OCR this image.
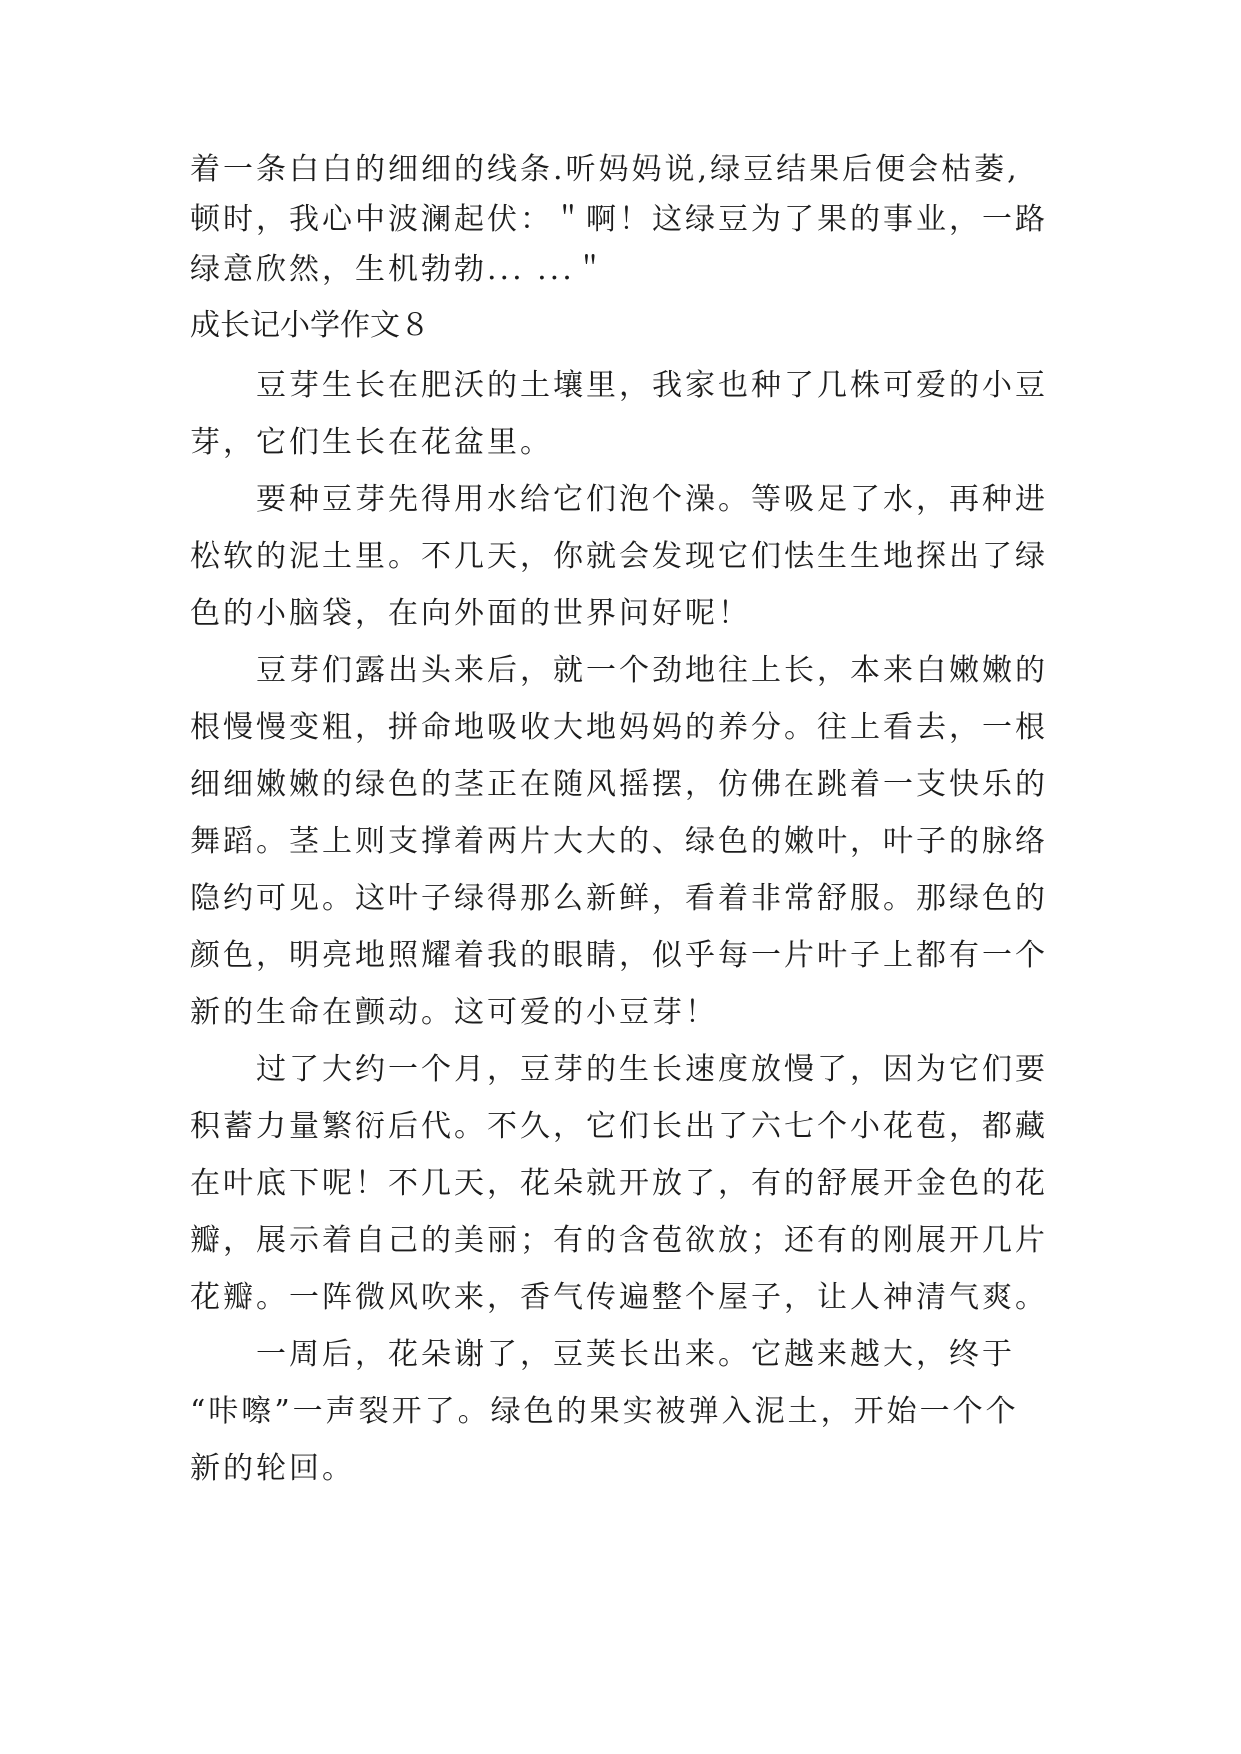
着一条白白的细细的线条.听妈妈说,绿豆结果后便会枯萎,
顿时，我心中波澜起伏：＂啊！这绿豆为了果的事业，一路
绿意欣然，生机勃勃... ...＂
成长记小学作文８
豆芽生长在肥沃的土壤里，我家也种了几株可爱的小豆
芽，它们生长在花盆里。
要种豆芽先得用水给它们泡个澡。等吸足了水，再种进
松软的泥土里。不几天，你就会发现它们怯生生地探出了绿
色的小脑袋，在向外面的世界问好呢！
豆芽们露出头来后，就一个劲地往上长，本来白嫩嫩的
根慢慢变粗，拼命地吸收大地妈妈的养分。往上看去，一根
细细嫩嫩的绿色的茎正在随风摇摆，仿佛在跳着一支快乐的
舞蹈。茎上则支撑着两片大大的、绿色的嫩叶，叶子的脉络
隐约可见。这叶子绿得那么新鲜，看着非常舒服。那绿色的
颜色，明亮地照耀着我的眼睛，似乎每一片叶子上都有一个
新的生命在颤动。这可爱的小豆芽！
过了大约一个月，豆芽的生长速度放慢了，因为它们要
积蓄力量繁衍后代。不久，它们长出了六七个小花苞，都藏
在叶底下呢！不几天，花朵就开放了，有的舒展开金色的花
瓣，展示着自己的美丽；有的含苞欲放；还有的刚展开几片
花瓣。一阵微风吹来，香气传遍整个屋子，让人神清气爽。
一周后，花朵谢了，豆荚长出来。它越来越大，终于
“咔嚓”一声裂开了。绿色的果实被弹入泥土，开始一个个
新的轮回。
